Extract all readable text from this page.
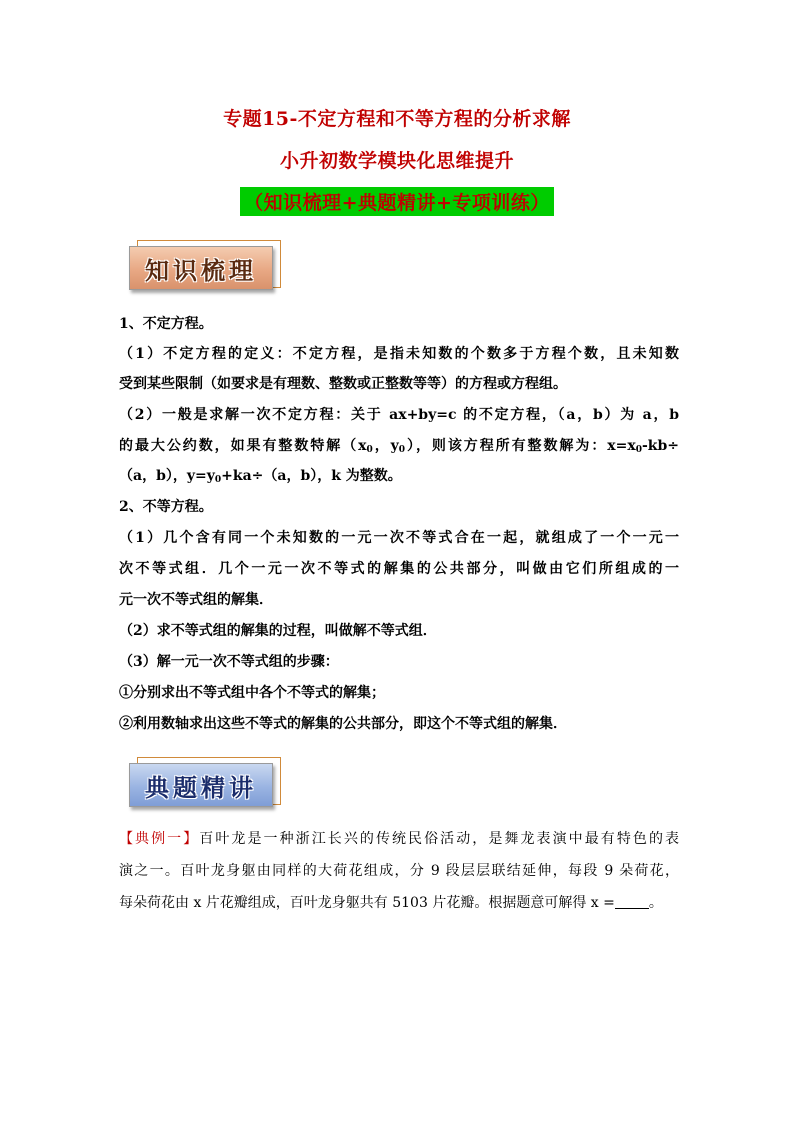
专题15-不定方程和不等方程的分析求解
小升初数学模块化思维提升
（知识梳理+典题精讲+专项训练）
知识梳理
1、不定方程。
（1）不定方程的定义：不定方程，是指未知数的个数多于方程个数，且未知数
受到某些限制（如要求是有理数、整数或正整数等等）的方程或方程组。
（2）一般是求解一次不定方程：关于 ax+by=c 的不定方程，（a，b）为 a，b
的最大公约数，如果有整数特解（$x_0$，$y_0$），则该方程所有整数解为：$x=x_0-kb\div$
（a，b），$y=y_0+ka\div(a$，b），k 为整数。
2、不等方程。
（1）几个含有同一个未知数的一元一次不等式合在一起，就组成了一个一元一
次不等式组．几个一元一次不等式的解集的公共部分，叫做由它们所组成的一
元一次不等式组的解集．
（2）求不等式组的解集的过程，叫做解不等式组．
（3）解一元一次不等式组的步骤：
①分别求出不等式组中各个不等式的解集；
②利用数轴求出这些不等式的解集的公共部分，即这个不等式组的解集．
典题精讲
【典例一】百叶龙是一种浙江长兴的传统民俗活动，是舞龙表演中最有特色的表
演之一。百叶龙身躯由同样的大荷花组成，分 9 段层层联结延伸，每段 9 朵荷花，
每朵荷花由 x 片花瓣组成，百叶龙身躯共有 5103 片花瓣。根据题意可解得 x = 。
